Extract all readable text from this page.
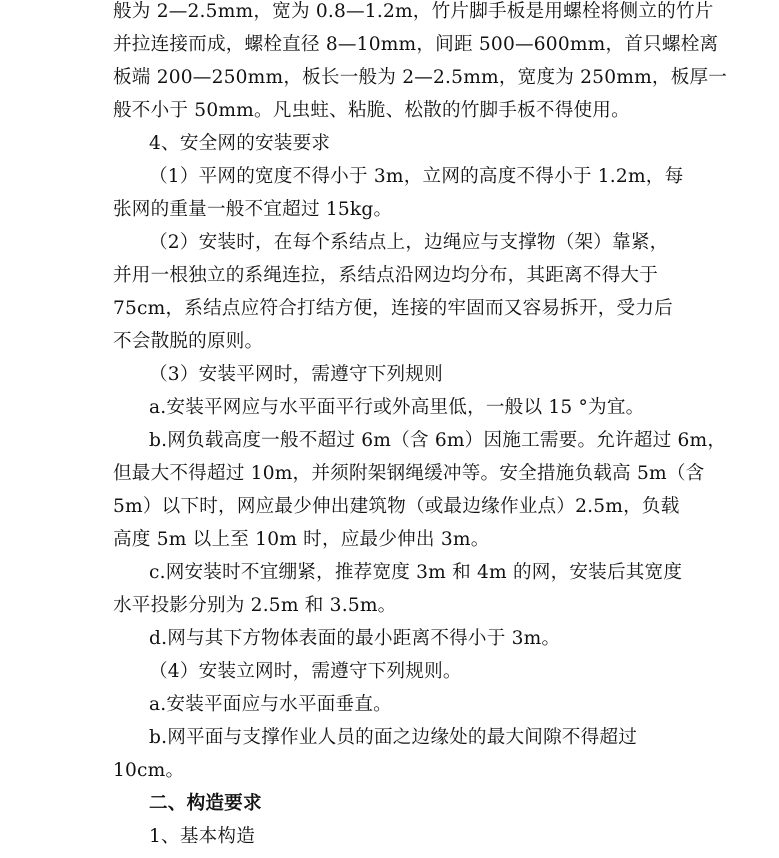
般为 2—2.5mm，宽为 0.8—1.2m，竹片脚手板是用螺栓将侧立的竹片
并拉连接而成，螺栓直径 8—10mm，间距 500—600mm，首只螺栓离
板端 200—250mm，板长一般为 2—2.5mm，宽度为 250mm，板厚一
般不小于 50mm。凡虫蛀、粘脆、松散的竹脚手板不得使用。
4、安全网的安装要求
（1）平网的宽度不得小于 3m，立网的高度不得小于 1.2m，每
张网的重量一般不宜超过 15kg。
（2）安装时，在每个系结点上，边绳应与支撑物（架）靠紧，
并用一根独立的系绳连拉，系结点沿网边均分布，其距离不得大于
75cm，系结点应符合打结方便，连接的牢固而又容易拆开，受力后
不会散脱的原则。
（3）安装平网时，需遵守下列规则
a.安装平网应与水平面平行或外高里低，一般以 15 °为宜。
b.网负载高度一般不超过 6m（含 6m）因施工需要。允许超过 6m，
但最大不得超过 10m，并须附架钢绳缓冲等。安全措施负载高 5m（含
5m）以下时，网应最少伸出建筑物（或最边缘作业点）2.5m，负载
高度 5m 以上至 10m 时，应最少伸出 3m。
c.网安装时不宜绷紧，推荐宽度 3m 和 4m 的网，安装后其宽度
水平投影分别为 2.5m 和 3.5m。
d.网与其下方物体表面的最小距离不得小于 3m。
（4）安装立网时，需遵守下列规则。
a.安装平面应与水平面垂直。
b.网平面与支撑作业人员的面之边缘处的最大间隙不得超过
10cm。
二、构造要求
1、基本构造
